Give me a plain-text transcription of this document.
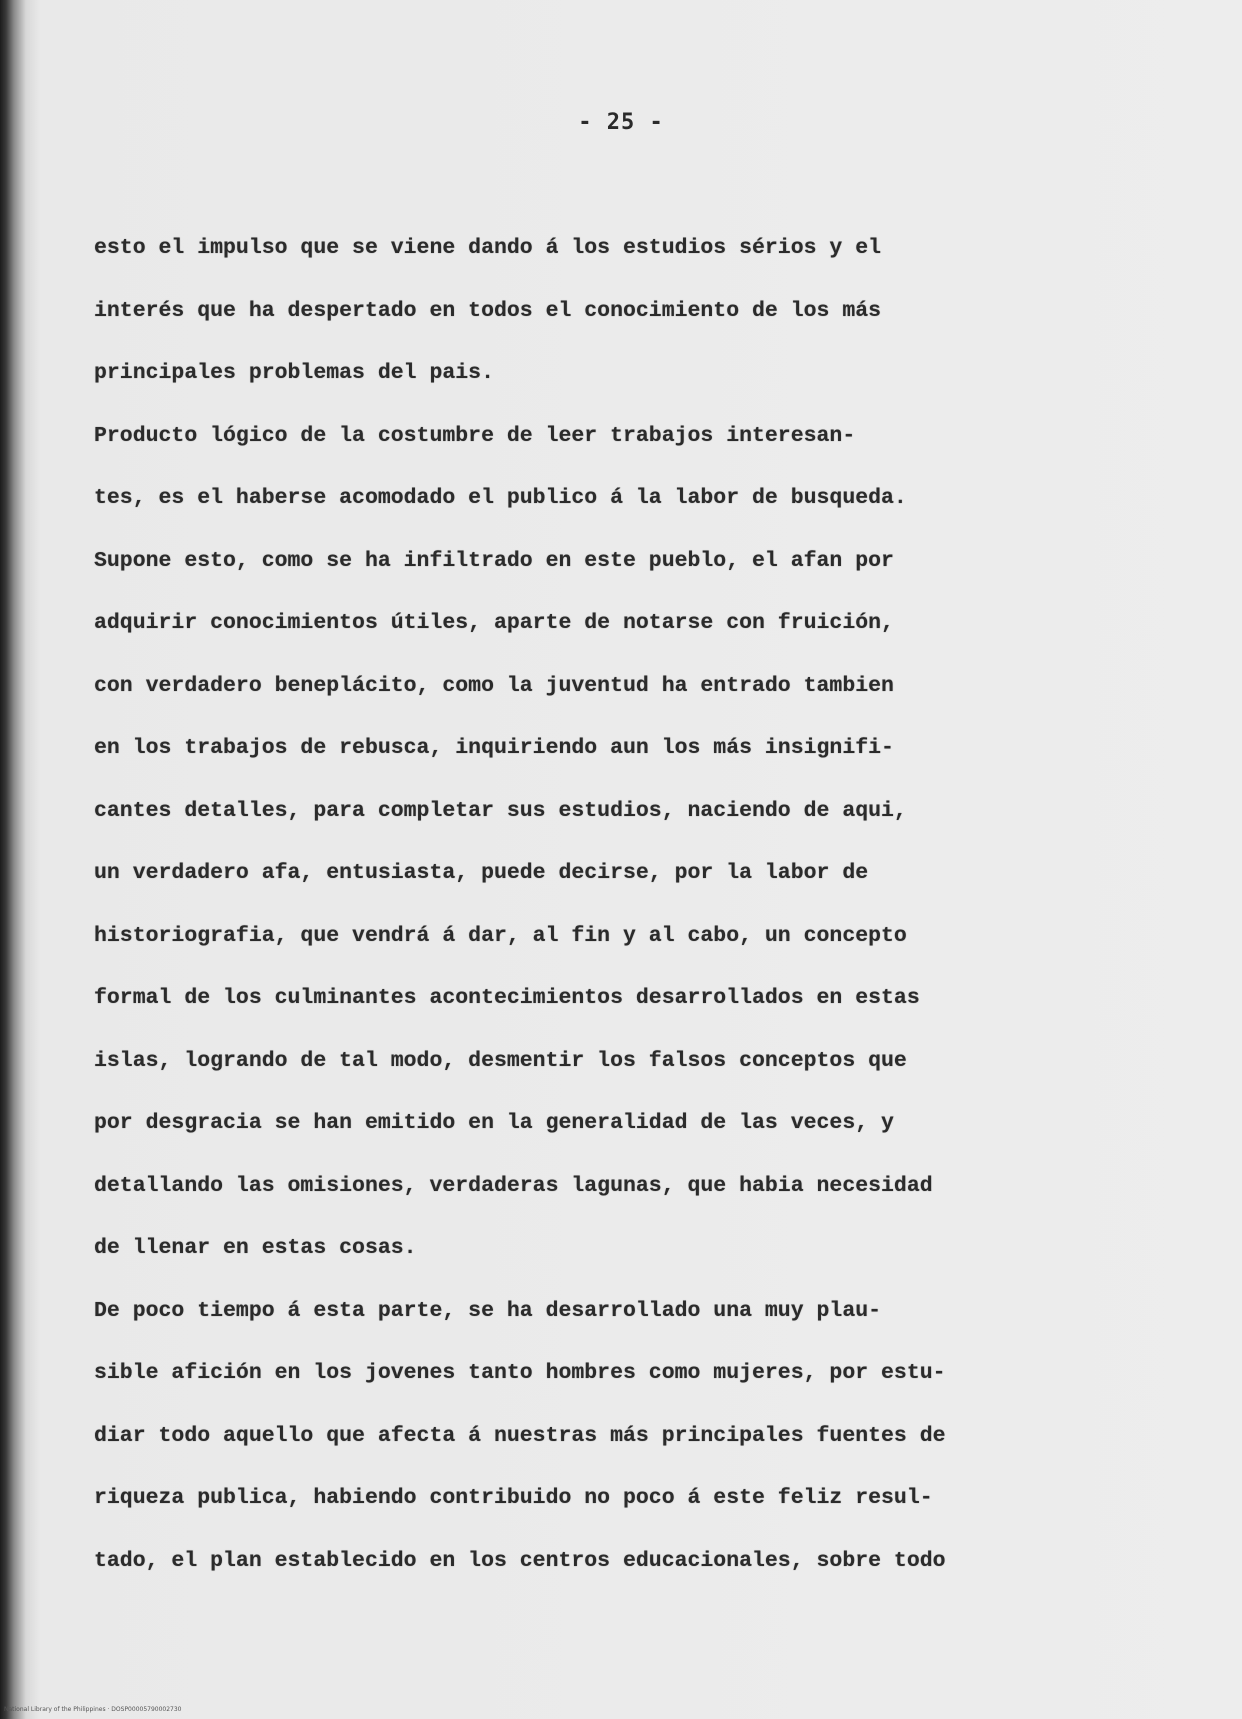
- 25 -
esto el impulso que se viene dando á los estudios sérios y el
interés que ha despertado en todos el conocimiento de los más
principales problemas del pais.
Producto lógico de la costumbre de leer trabajos interesan-
tes, es el haberse acomodado el publico á la labor de busqueda.
Supone esto, como se ha infiltrado en este pueblo, el afan por
adquirir conocimientos útiles, aparte de notarse con fruición,
con verdadero beneplácito, como la juventud ha entrado tambien
en los trabajos de rebusca, inquiriendo aun los más insignifi-
cantes detalles, para completar sus estudios, naciendo de aqui,
un verdadero afa, entusiasta, puede decirse, por la labor de
historiografia, que vendrá á dar, al fin y al cabo, un concepto
formal de los culminantes acontecimientos desarrollados en estas
islas, logrando de tal modo, desmentir los falsos conceptos que
por desgracia se han emitido en la generalidad de las veces, y
detallando las omisiones, verdaderas lagunas, que habia necesidad
de llenar en estas cosas.
De poco tiempo á esta parte, se ha desarrollado una muy plau-
sible afición en los jovenes tanto hombres como mujeres, por estu-
diar todo aquello que afecta á nuestras más principales fuentes de
riqueza publica, habiendo contribuido no poco á este feliz resul-
tado, el plan establecido en los centros educacionales, sobre todo
National Library of the Philippines · DOSP00005790002730
